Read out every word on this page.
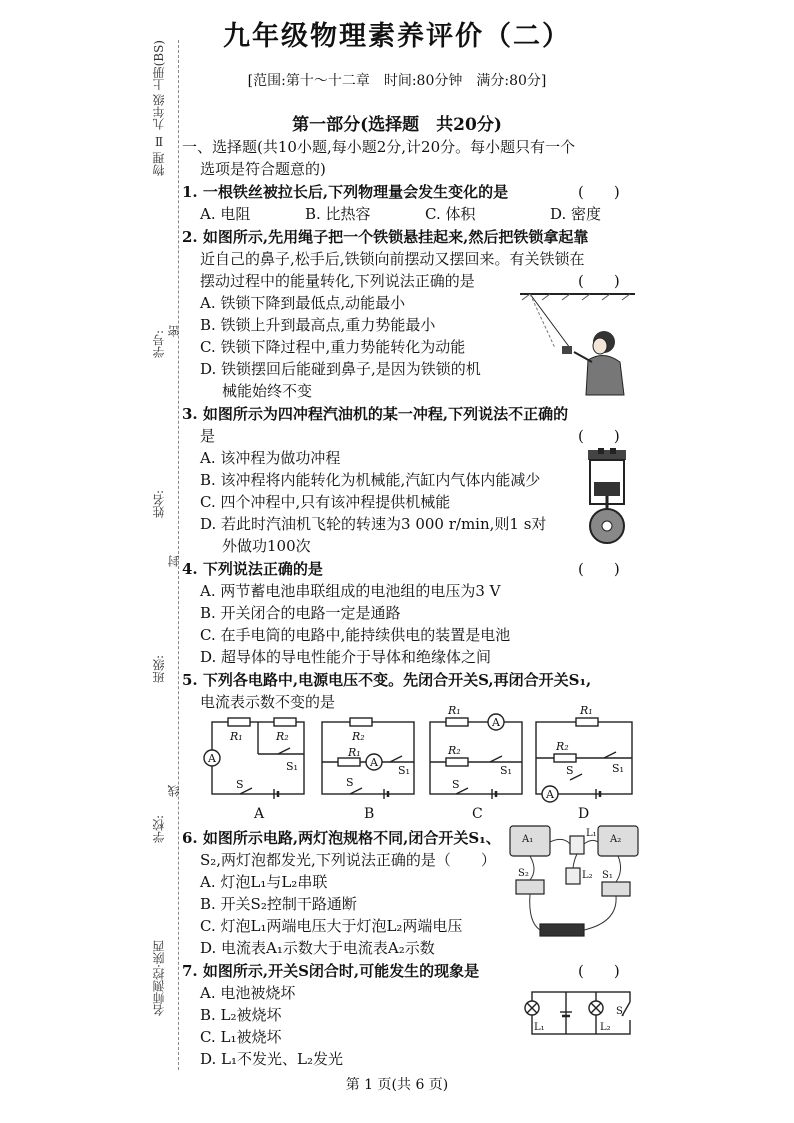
九年级物理素养评价（二）
[范围:第十～十二章　时间:80分钟　满分:80分]
第一部分(选择题　共20分)
物理 Ⅱ 九年级 上册(BS)
学号: 密
姓名:
封
班级:
学校:
线
名师测控·陕西
一、选择题(共10小题,每小题2分,计20分。每小题只有一个
选项是符合题意的)
1. 一根铁丝被拉长后,下列物理量会发生变化的是	(　　)
A. 电阻	B. 比热容	C. 体积	D. 密度
2. 如图所示,先用绳子把一个铁锁悬挂起来,然后把铁锁拿起靠
近自己的鼻子,松手后,铁锁向前摆动又摆回来。有关铁锁在
摆动过程中的能量转化,下列说法正确的是	(　　)
A. 铁锁下降到最低点,动能最小
B. 铁锁上升到最高点,重力势能最小
C. 铁锁下降过程中,重力势能转化为动能
D. 铁锁摆回后能碰到鼻子,是因为铁锁的机
械能始终不变
3. 如图所示为四冲程汽油机的某一冲程,下列说法不正确的
是	(　　)
A. 该冲程为做功冲程
B. 该冲程将内能转化为机械能,汽缸内气体内能减少
C. 四个冲程中,只有该冲程提供机械能
D. 若此时汽油机飞轮的转速为3 000 r/min,则1 s对
外做功100次
4. 下列说法正确的是	(　　)
A. 两节蓄电池串联组成的电池组的电压为3 V
B. 开关闭合的电路一定是通路
C. 在手电筒的电路中,能持续供电的装置是电池
D. 超导体的导电性能介于导体和绝缘体之间
5. 下列各电路中,电源电压不变。先闭合开关S,再闭合开关S₁,
电流表示数不变的是
A
R₁	R₂
S
S₁
R₁
R₂
A
S₁
S
R₁
A
R₂
S₁
S
R₁
R₂
S₁
A
S
A	B	C	D
6. 如图所示电路,两灯泡规格不同,闭合开关S₁、
S₂,两灯泡都发光,下列说法正确的是（　　）
A. 灯泡L₁与L₂串联
B. 开关S₂控制干路通断
C. 灯泡L₁两端电压大于灯泡L₂两端电压
D. 电流表A₁示数大于电流表A₂示数
A₁	A₂
L₁
L₂ S₁
S₂
7. 如图所示,开关S闭合时,可能发生的现象是	(　　)
A. 电池被烧坏
B. L₂被烧坏
C. L₁被烧坏
D. L₁不发光、L₂发光
L₁	L₂
S
第 1 页(共 6 页)
